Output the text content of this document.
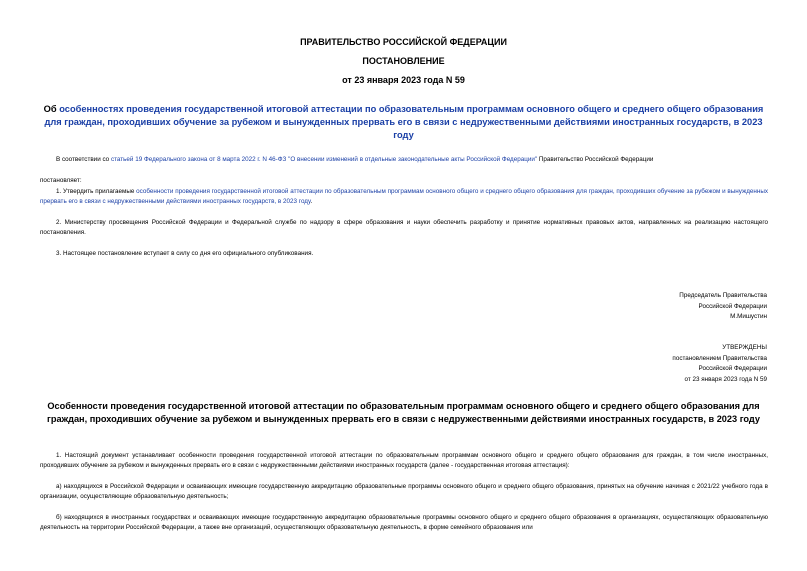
ПРАВИТЕЛЬСТВО РОССИЙСКОЙ ФЕДЕРАЦИИ
ПОСТАНОВЛЕНИЕ
от 23 января 2023 года N 59
Об особенностях проведения государственной итоговой аттестации по образовательным программам основного общего и среднего общего образования для граждан, проходивших обучение за рубежом и вынужденных прервать его в связи с недружественными действиями иностранных государств, в 2023 году
В соответствии со статьей 19 Федерального закона от 8 марта 2022 г. N 46-ФЗ "О внесении изменений в отдельные законодательные акты Российской Федерации" Правительство Российской Федерации
постановляет:
1. Утвердить прилагаемые особенности проведения государственной итоговой аттестации по образовательным программам основного общего и среднего общего образования для граждан, проходивших обучение за рубежом и вынужденных прервать его в связи с недружественными действиями иностранных государств, в 2023 году.
2. Министерству просвещения Российской Федерации и Федеральной службе по надзору в сфере образования и науки обеспечить разработку и принятие нормативных правовых актов, направленных на реализацию настоящего постановления.
3. Настоящее постановление вступает в силу со дня его официального опубликования.
Председатель Правительства
Российской Федерации
М.Мишустин
УТВЕРЖДЕНЫ
постановлением Правительства
Российской Федерации
от 23 января 2023 года N 59
Особенности проведения государственной итоговой аттестации по образовательным программам основного общего и среднего общего образования для граждан, проходивших обучение за рубежом и вынужденных прервать его в связи с недружественными действиями иностранных государств, в 2023 году
1. Настоящий документ устанавливает особенности проведения государственной итоговой аттестации по образовательным программам основного общего и среднего общего образования для граждан, в том числе иностранных, проходивших обучение за рубежом и вынужденных прервать его в связи с недружественными действиями иностранных государств (далее - государственная итоговая аттестация):
а) находящихся в Российской Федерации и осваивающих имеющие государственную аккредитацию образовательные программы основного общего и среднего общего образования, принятых на обучение начиная с 2021/22 учебного года в организации, осуществляющие образовательную деятельность;
б) находящихся в иностранных государствах и осваивающих имеющие государственную аккредитацию образовательные программы основного общего и среднего общего образования в организациях, осуществляющих образовательную деятельность на территории Российской Федерации, а также вне организаций, осуществляющих образовательную деятельность, в форме семейного образования или
